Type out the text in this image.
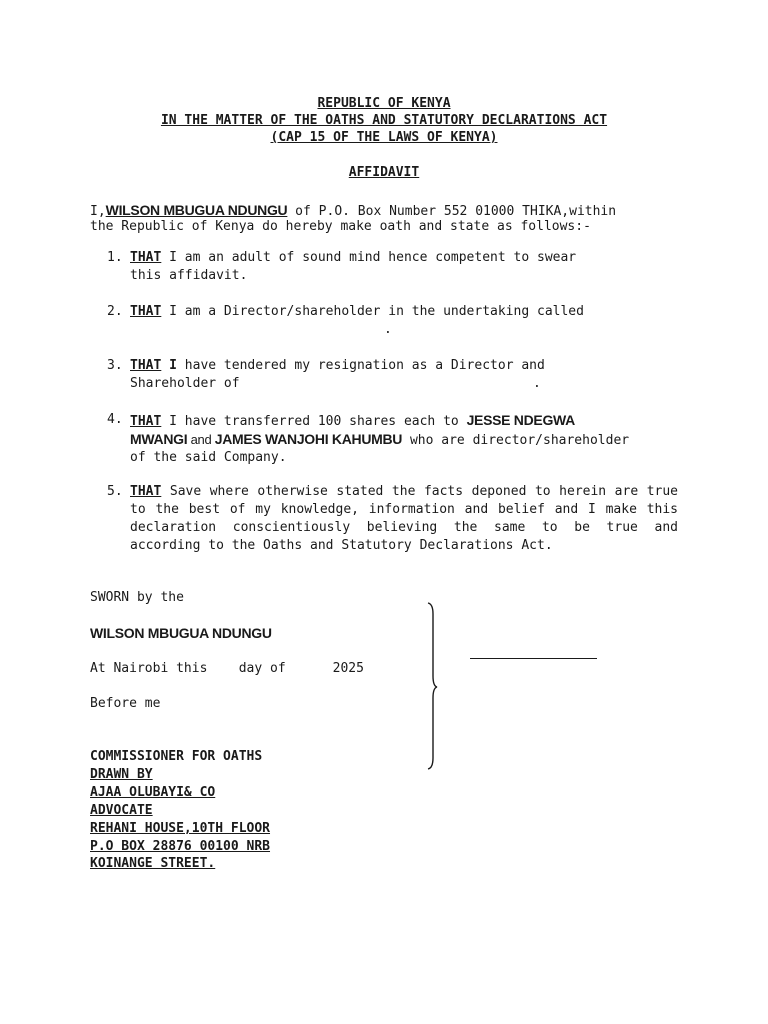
REPUBLIC OF KENYA
IN THE MATTER OF THE OATHS AND STATUTORY DECLARATIONS ACT
(CAP 15 OF THE LAWS OF KENYA)
AFFIDAVIT
I,WILSON MBUGUA NDUNGU of P.O. Box Number 552 01000 THIKA,within
the Republic of Kenya do hereby make oath and state as follows:-
1. THAT I am an adult of sound mind hence competent to swear
this affidavit.
2. THAT I am a Director/shareholder in the undertaking called
.
3. THAT I have tendered my resignation as a Director and
Shareholder of	.
4. THAT I have transferred 100 shares each to JESSE NDEGWA
MWANGI and JAMES WANJOHI KAHUMBU who are director/shareholder
of the said Company.
5. THAT Save where otherwise stated the facts deponed to herein are true to the best of my knowledge, information and belief and I make this declaration conscientiously believing the same to be true and according to the Oaths and Statutory Declarations Act.
SWORN by the
WILSON MBUGUA NDUNGU
At Nairobi this    day of      2025
Before me
COMMISSIONER FOR OATHS
DRAWN BY
AJAA OLUBAYI& CO
ADVOCATE
REHANI HOUSE,10TH FLOOR
P.O BOX 28876 00100 NRB
KOINANGE STREET.
